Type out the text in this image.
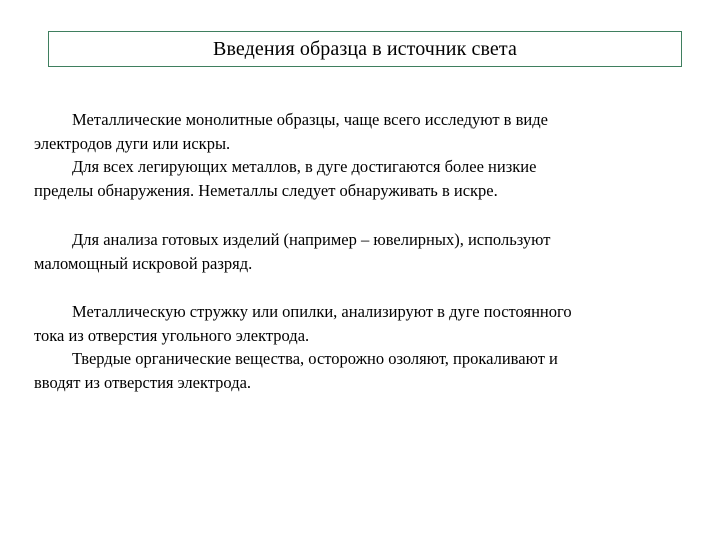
Введения образца в источник света
Металлические монолитные образцы, чаще всего исследуют в виде
электродов дуги или искры.
Для всех легирующих металлов, в дуге достигаются более низкие
пределы обнаружения. Неметаллы следует обнаруживать в искре.
Для анализа готовых изделий (например – ювелирных), используют
маломощный искровой разряд.
Металлическую стружку или опилки, анализируют в дуге постоянного
тока из отверстия угольного электрода.
Твердые органические вещества, осторожно озоляют, прокаливают и
вводят из отверстия электрода.
